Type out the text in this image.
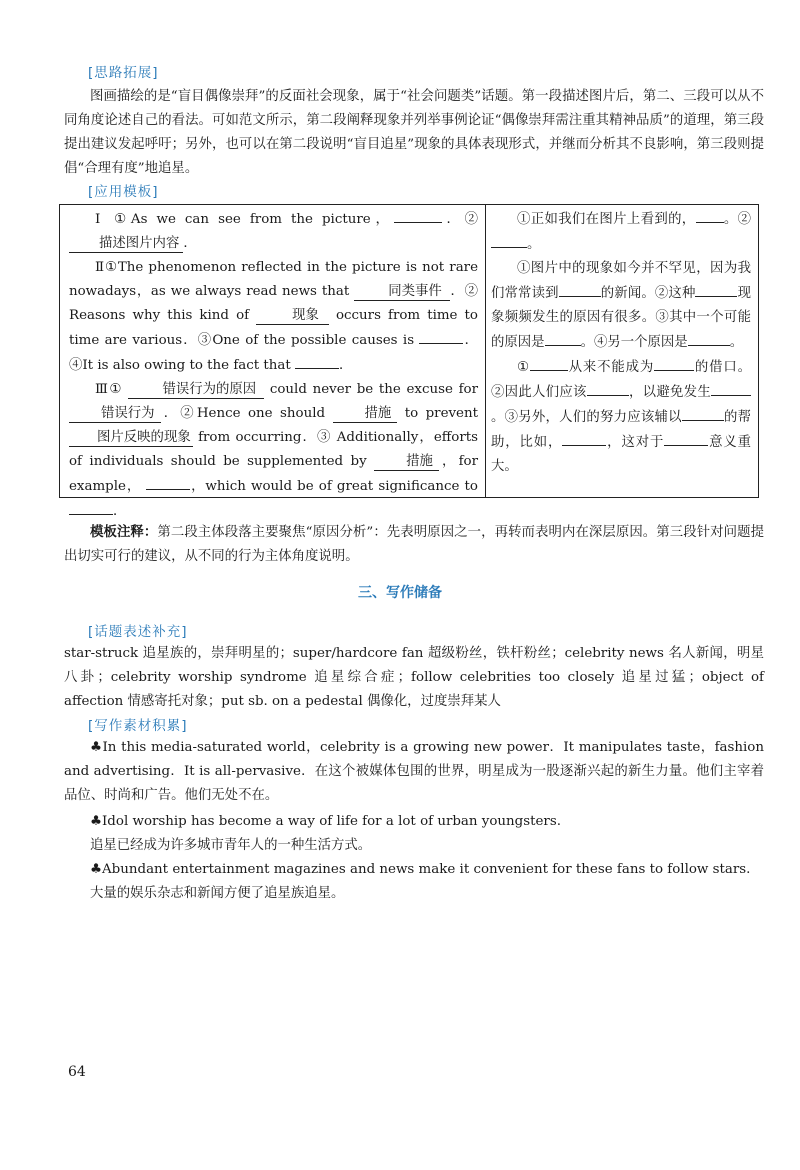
[思路拓展]

图画描绘的是“盲目偶像崇拜”的反面社会现象，属于“社会问题类”话题。第一段描述图片后，第二、三段可以从不同角度论述自己的看法。可如范文所示，第二段阐释现象并列举事例论证“偶像崇拜需注重其精神品质”的道理，第三段提出建议发起呼吁；另外，也可以在第二段说明“盲目追星”现象的具体表现形式，并继而分析其不良影响，第三段则提倡“合理有度”地追星。

[应用模板]

Ⅰ ①As we can see from the picture，	．②描述图片内容 ．

Ⅱ①The phenomenon reflected in the picture is not rare nowadays，as we always read news that	同类事件 ．② Reasons why this kind of	现象 occurs from time to time are various．③One of the possible causes is	．④It is also owing to the fact that	．

Ⅲ①	错误行为的原因 could never be the excuse for 错误行为 ．②Hence one should	措施 to prevent 图片反映的现象 from occurring．③ Additionally，efforts of individuals should be supplemented by	措施 ，for example，	，which would be of great significance to ．

①正如我们在图片上看到的， 。②。

①图片中的现象如今并不罕见，因为我们常常读到	的新闻。②这种	现象频频发生的原因有很多。③其中一个可能的原因是	。④另一个原因是	。

①	从来不能成为	的借口。②因此人们应该	，以避免发生。③另外，人们的努力应该辅以	的帮助，比如，	，这对于	意义重大。

模板注释：第二段主体段落主要聚焦“原因分析”：先表明原因之一，再转而表明内在深层原因。第三段针对问题提出切实可行的建议，从不同的行为主体角度说明。

三、写作储备
[话题表述补充]

star-struck 追星族的，崇拜明星的；super/hardcore fan 超级粉丝，铁杆粉丝；celebrity news 名人新闻，明星八卦；celebrity worship syndrome 追星综合症；follow celebrities too closely 追星过猛；object of affection 情感寄托对象；put sb. on a pedestal 偶像化，过度崇拜某人

[写作素材积累]

♣In this media-saturated world，celebrity is a growing new power．It manipulates taste，fashion and advertising．It is all-pervasive．在这个被媒体包围的世界，明星成为一股逐渐兴起的新生力量。他们主宰着品位、时尚和广告。他们无处不在。

♣Idol worship has become a way of life for a lot of urban youngsters.

追星已经成为许多城市青年人的一种生活方式。

♣Abundant entertainment magazines and news make it convenient for these fans to follow stars.

大量的娱乐杂志和新闻方便了追星族追星。

64
